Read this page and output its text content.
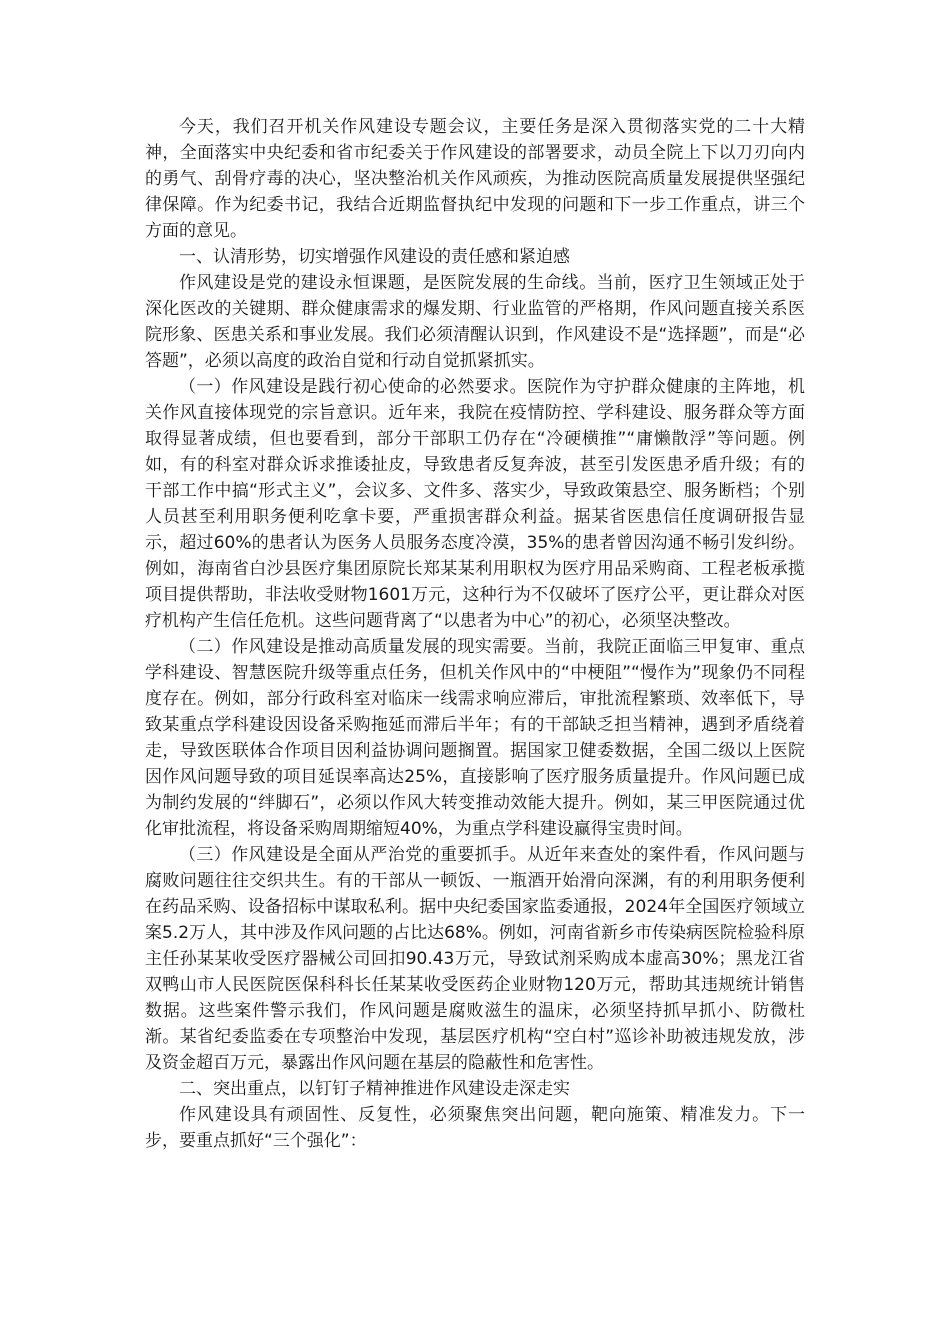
今天，我们召开机关作风建设专题会议，主要任务是深入贯彻落实党的二十大精神，全面落实中央纪委和省市纪委关于作风建设的部署要求，动员全院上下以刀刃向内的勇气、刮骨疗毒的决心，坚决整治机关作风顽疾，为推动医院高质量发展提供坚强纪律保障。作为纪委书记，我结合近期监督执纪中发现的问题和下一步工作重点，讲三个方面的意见。

一、认清形势，切实增强作风建设的责任感和紧迫感

作风建设是党的建设永恒课题，是医院发展的生命线。当前，医疗卫生领域正处于深化医改的关键期、群众健康需求的爆发期、行业监管的严格期，作风问题直接关系医院形象、医患关系和事业发展。我们必须清醒认识到，作风建设不是“选择题”，而是“必答题”，必须以高度的政治自觉和行动自觉抓紧抓实。

（一）作风建设是践行初心使命的必然要求。医院作为守护群众健康的主阵地，机关作风直接体现党的宗旨意识。近年来，我院在疫情防控、学科建设、服务群众等方面取得显著成绩，但也要看到，部分干部职工仍存在“冷硬横推”“庸懒散浮”等问题。例如，有的科室对群众诉求推诿扯皮，导致患者反复奔波，甚至引发医患矛盾升级；有的干部工作中搞“形式主义”，会议多、文件多、落实少，导致政策悬空、服务断档；个别人员甚至利用职务便利吃拿卡要，严重损害群众利益。据某省医患信任度调研报告显示，超过60%的患者认为医务人员服务态度冷漠，35%的患者曾因沟通不畅引发纠纷。例如，海南省白沙县医疗集团原院长郑某某利用职权为医疗用品采购商、工程老板承揽项目提供帮助，非法收受财物1601万元，这种行为不仅破坏了医疗公平，更让群众对医疗机构产生信任危机。这些问题背离了“以患者为中心”的初心，必须坚决整改。

（二）作风建设是推动高质量发展的现实需要。当前，我院正面临三甲复审、重点学科建设、智慧医院升级等重点任务，但机关作风中的“中梗阻”“慢作为”现象仍不同程度存在。例如，部分行政科室对临床一线需求响应滞后，审批流程繁琐、效率低下，导致某重点学科建设因设备采购拖延而滞后半年；有的干部缺乏担当精神，遇到矛盾绕着走，导致医联体合作项目因利益协调问题搁置。据国家卫健委数据，全国二级以上医院因作风问题导致的项目延误率高达25%，直接影响了医疗服务质量提升。作风问题已成为制约发展的“绊脚石”，必须以作风大转变推动效能大提升。例如，某三甲医院通过优化审批流程，将设备采购周期缩短40%，为重点学科建设赢得宝贵时间。

（三）作风建设是全面从严治党的重要抓手。从近年来查处的案件看，作风问题与腐败问题往往交织共生。有的干部从一顿饭、一瓶酒开始滑向深渊，有的利用职务便利在药品采购、设备招标中谋取私利。据中央纪委国家监委通报，2024年全国医疗领域立案5.2万人，其中涉及作风问题的占比达68%。例如，河南省新乡市传染病医院检验科原主任孙某某收受医疗器械公司回扣90.43万元，导致试剂采购成本虚高30%；黑龙江省双鸭山市人民医院医保科科长任某某收受医药企业财物120万元，帮助其违规统计销售数据。这些案件警示我们，作风问题是腐败滋生的温床，必须坚持抓早抓小、防微杜渐。某省纪委监委在专项整治中发现，基层医疗机构“空白村”巡诊补助被违规发放，涉及资金超百万元，暴露出作风问题在基层的隐蔽性和危害性。

二、突出重点，以钉钉子精神推进作风建设走深走实

作风建设具有顽固性、反复性，必须聚焦突出问题，靶向施策、精准发力。下一步，要重点抓好“三个强化”：
